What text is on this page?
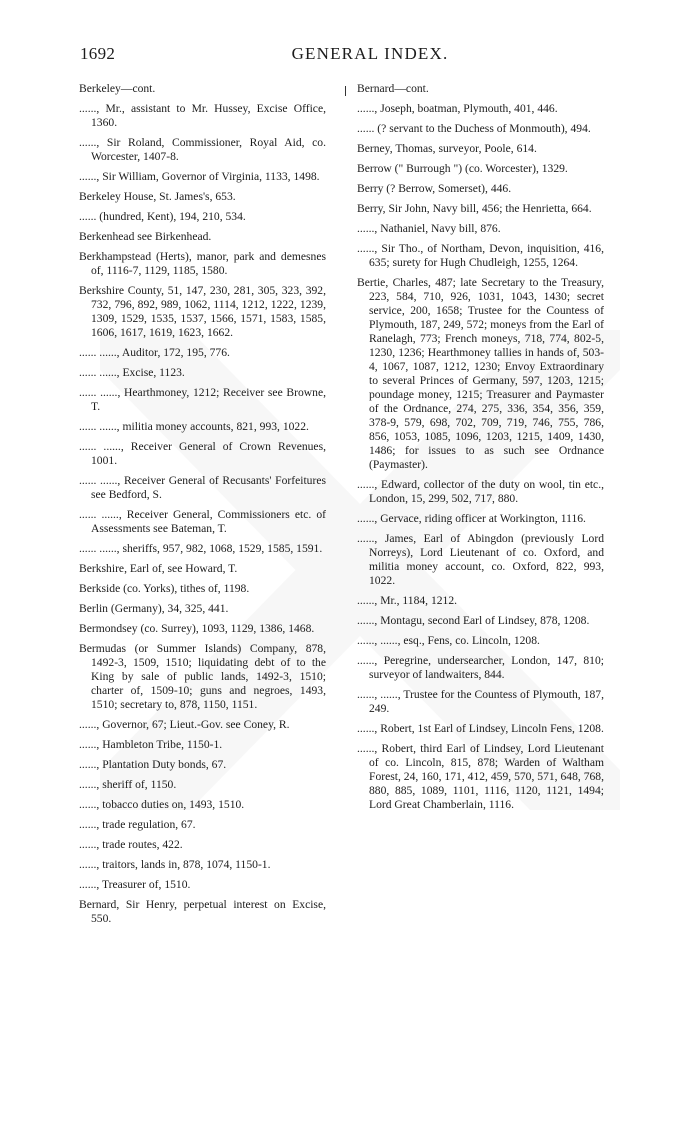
1692	GENERAL INDEX.

Berkeley—cont.

......, Mr., assistant to Mr. Hussey, Excise Office, 1360.

......, Sir Roland, Commissioner, Royal Aid, co. Worcester, 1407-8.

......, Sir William, Governor of Virginia, 1133, 1498.

Berkeley House, St. James's, 653.

...... (hundred, Kent), 194, 210, 534.

Berkenhead see Birkenhead.

Berkhampstead (Herts), manor, park and demesnes of, 1116-7, 1129, 1185, 1580.

Berkshire County, 51, 147, 230, 281, 305, 323, 392, 732, 796, 892, 989, 1062, 1114, 1212, 1222, 1239, 1309, 1529, 1535, 1537, 1566, 1571, 1583, 1585, 1606, 1617, 1619, 1623, 1662.

...... ......, Auditor, 172, 195, 776.

...... ......, Excise, 1123.

...... ......, Hearthmoney, 1212; Receiver see Browne, T.

...... ......, militia money accounts, 821, 993, 1022.

...... ......, Receiver General of Crown Revenues, 1001.

...... ......, Receiver General of Recusants' Forfeitures see Bedford, S.

...... ......, Receiver General, Commissioners etc. of Assessments see Bateman, T.

...... ......, sheriffs, 957, 982, 1068, 1529, 1585, 1591.

Berkshire, Earl of, see Howard, T.

Berkside (co. Yorks), tithes of, 1198.

Berlin (Germany), 34, 325, 441.

Bermondsey (co. Surrey), 1093, 1129, 1386, 1468.

Bermudas (or Summer Islands) Company, 878, 1492-3, 1509, 1510; liquidating debt of to the King by sale of public lands, 1492-3, 1510; charter of, 1509-10; guns and negroes, 1493, 1510; secretary to, 878, 1150, 1151.

......, Governor, 67; Lieut.-Gov. see Coney, R.

......, Hambleton Tribe, 1150-1.

......, Plantation Duty bonds, 67.

......, sheriff of, 1150.

......, tobacco duties on, 1493, 1510.

......, trade regulation, 67.

......, trade routes, 422.

......, traitors, lands in, 878, 1074, 1150-1.

......, Treasurer of, 1510.

Bernard, Sir Henry, perpetual interest on Excise, 550.

Bernard—cont.

......, Joseph, boatman, Plymouth, 401, 446.

...... (? servant to the Duchess of Monmouth), 494.

Berney, Thomas, surveyor, Poole, 614.

Berrow (" Burrough ") (co. Worcester), 1329.

Berry (? Berrow, Somerset), 446.

Berry, Sir John, Navy bill, 456; the Henrietta, 664.

......, Nathaniel, Navy bill, 876.

......, Sir Tho., of Northam, Devon, inquisition, 416, 635; surety for Hugh Chudleigh, 1255, 1264.

Bertie, Charles, 487; late Secretary to the Treasury, 223, 584, 710, 926, 1031, 1043, 1430; secret service, 200, 1658; Trustee for the Countess of Plymouth, 187, 249, 572; moneys from the Earl of Ranelagh, 773; French moneys, 718, 774, 802-5, 1230, 1236; Hearthmoney tallies in hands of, 503-4, 1067, 1087, 1212, 1230; Envoy Extraordinary to several Princes of Germany, 597, 1203, 1215; poundage money, 1215; Treasurer and Paymaster of the Ordnance, 274, 275, 336, 354, 356, 359, 378-9, 579, 698, 702, 709, 719, 746, 755, 786, 856, 1053, 1085, 1096, 1203, 1215, 1409, 1430, 1486; for issues to as such see Ordnance (Paymaster).

......, Edward, collector of the duty on wool, tin etc., London, 15, 299, 502, 717, 880.

......, Gervace, riding officer at Workington, 1116.

......, James, Earl of Abingdon (previously Lord Norreys), Lord Lieutenant of co. Oxford, and militia money account, co. Oxford, 822, 993, 1022.

......, Mr., 1184, 1212.

......, Montagu, second Earl of Lindsey, 878, 1208.

......, ......, esq., Fens, co. Lincoln, 1208.

......, Peregrine, undersearcher, London, 147, 810; surveyor of landwaiters, 844.

......, ......, Trustee for the Countess of Plymouth, 187, 249.

......, Robert, 1st Earl of Lindsey, Lincoln Fens, 1208.

......, Robert, third Earl of Lindsey, Lord Lieutenant of co. Lincoln, 815, 878; Warden of Waltham Forest, 24, 160, 171, 412, 459, 570, 571, 648, 768, 880, 885, 1089, 1101, 1116, 1120, 1121, 1494; Lord Great Chamberlain, 1116.
